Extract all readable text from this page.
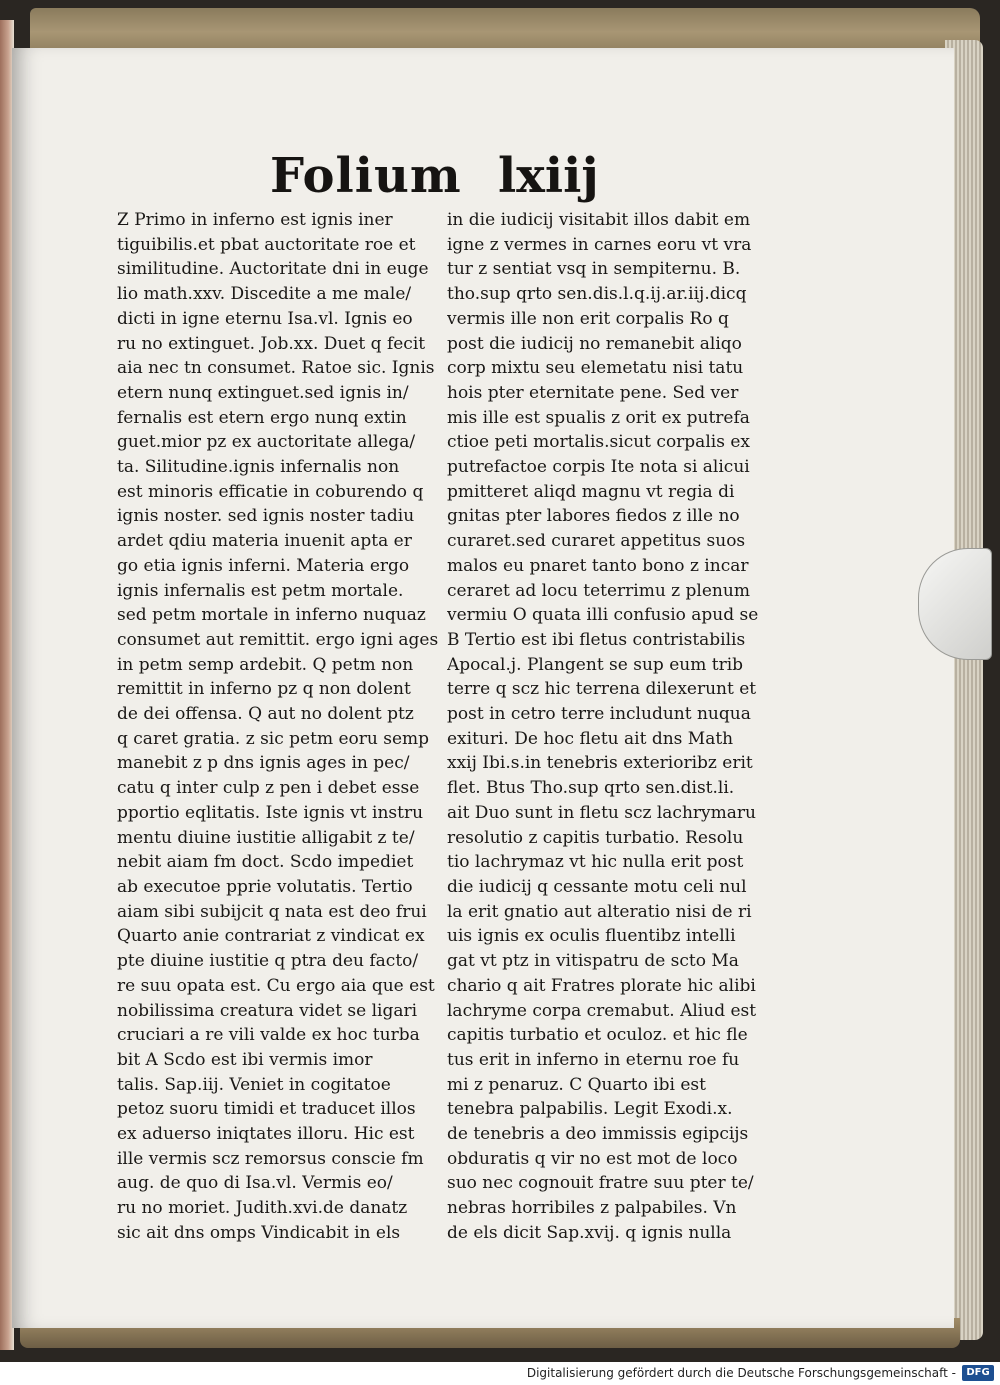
Folium lxiij
Z Primo in inferno est ignis iner
tiguibilis.et pbat auctoritate roe et
similitudine. Auctoritate dni in euge
lio math.xxv. Discedite a me male/
dicti in igne eternu Isa.vl. Ignis eo
ru no extinguet. Job.xx. Duet q fecit
aia nec tn consumet. Ratoe sic. Ignis
etern nunq extinguet.sed ignis in/
fernalis est etern ergo nunq extin
guet.mior pz ex auctoritate allega/
ta. Silitudine.ignis infernalis non
est minoris efficatie in coburendo q
ignis noster. sed ignis noster tadiu
ardet qdiu materia inuenit apta er
go etia ignis inferni. Materia ergo
ignis infernalis est petm mortale.
sed petm mortale in inferno nuquaz
consumet aut remittit. ergo igni ages
in petm semp ardebit. Q petm non
remittit in inferno pz q non dolent
de dei offensa. Q aut no dolent ptz
q caret gratia. z sic petm eoru semp
manebit z p dns ignis ages in pec/
catu q inter culp z pen i debet esse
pportio eqlitatis. Iste ignis vt instru
mentu diuine iustitie alligabit z te/
nebit aiam fm doct. Scdo impediet
ab executoe pprie volutatis. Tertio
aiam sibi subijcit q nata est deo frui
Quarto anie contrariat z vindicat ex
pte diuine iustitie q ptra deu facto/
re suu opata est. Cu ergo aia que est
nobilissima creatura videt se ligari
cruciari a re vili valde ex hoc turba
bit A Scdo est ibi vermis imor
talis. Sap.iij. Veniet in cogitatoe
petoz suoru timidi et traducet illos
ex aduerso iniqtates illoru. Hic est
ille vermis scz remorsus conscie fm
aug. de quo di Isa.vl. Vermis eo/
ru no moriet. Judith.xvi.de danatz
sic ait dns omps Vindicabit in els
in die iudicij visitabit illos dabit em
igne z vermes in carnes eoru vt vra
tur z sentiat vsq in sempiternu. B.
tho.sup qrto sen.dis.l.q.ij.ar.iij.dicq
vermis ille non erit corpalis Ro q
post die iudicij no remanebit aliqo
corp mixtu seu elemetatu nisi tatu
hois pter eternitate pene. Sed ver
mis ille est spualis z orit ex putrefa
ctioe peti mortalis.sicut corpalis ex
putrefactoe corpis Ite nota si alicui
pmitteret aliqd magnu vt regia di
gnitas pter labores fiedos z ille no
curaret.sed curaret appetitus suos
malos eu pnaret tanto bono z incar
ceraret ad locu teterrimu z plenum
vermiu O quata illi confusio apud se
B Tertio est ibi fletus contristabilis
Apocal.j. Plangent se sup eum trib
terre q scz hic terrena dilexerunt et
post in cetro terre includunt nuqua
exituri. De hoc fletu ait dns Math
xxij Ibi.s.in tenebris exterioribz erit
flet. Btus Tho.sup qrto sen.dist.li.
ait Duo sunt in fletu scz lachrymaru
resolutio z capitis turbatio. Resolu
tio lachrymaz vt hic nulla erit post
die iudicij q cessante motu celi nul
la erit gnatio aut alteratio nisi de ri
uis ignis ex oculis fluentibz intelli
gat vt ptz in vitispatru de scto Ma
chario q ait Fratres plorate hic alibi
lachryme corpa cremabut. Aliud est
capitis turbatio et oculoz. et hic fle
tus erit in inferno in eternu roe fu
mi z penaruz. C Quarto ibi est
tenebra palpabilis. Legit Exodi.x.
de tenebris a deo immissis egipcijs
obduratis q vir no est mot de loco
suo nec cognouit fratre suu pter te/
nebras horribiles z palpabiles. Vn
de els dicit Sap.xvij. q ignis nulla
Digitalisierung gefördert durch die Deutsche Forschungsgemeinschaft -	DFG
